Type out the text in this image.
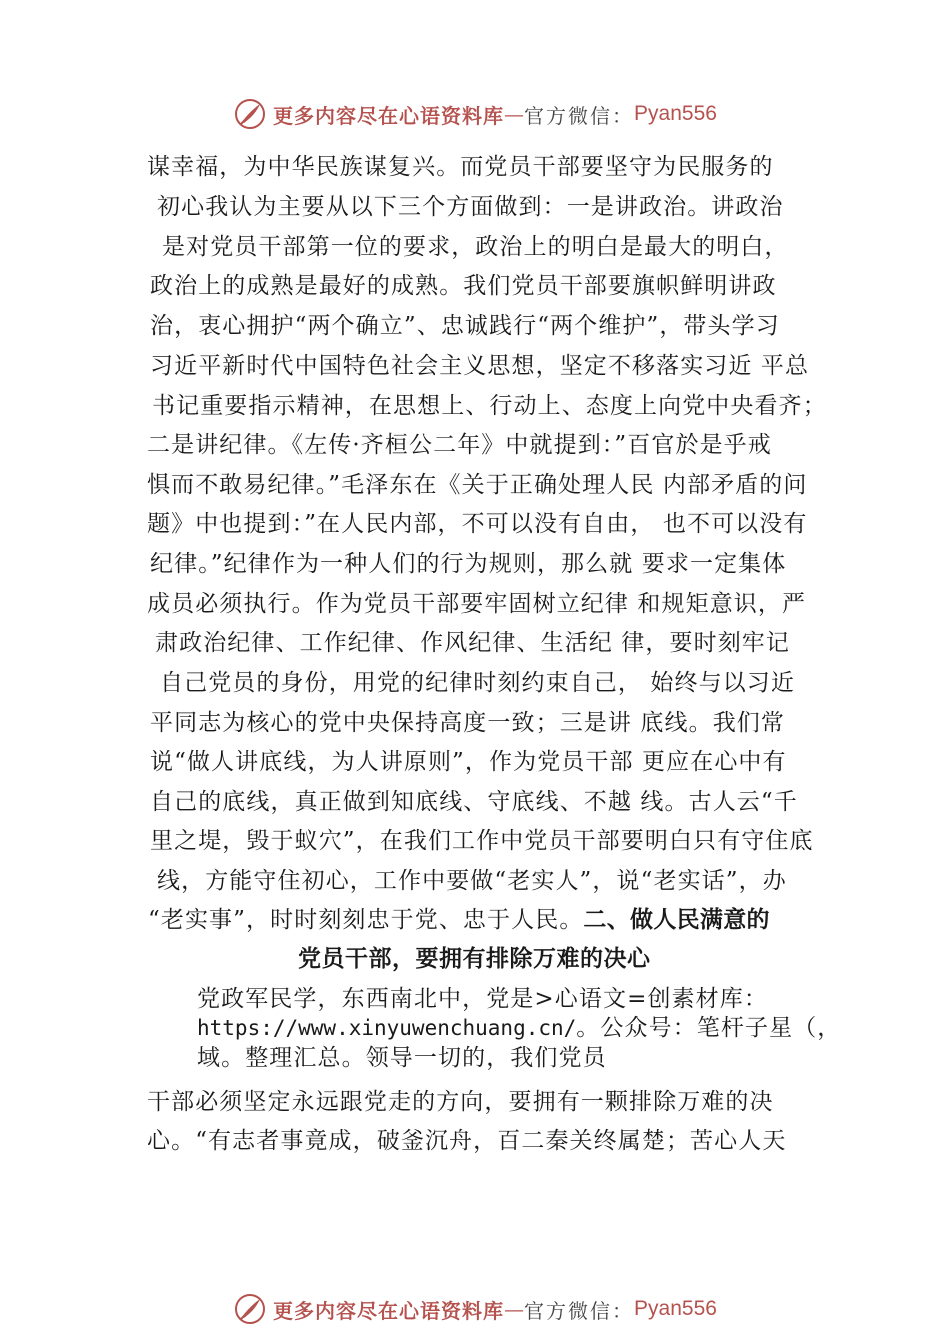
更多内容尽在心语资料库 — 官方微信： Pyan556
谋幸福，为中华民族谋复兴。而党员干部要坚守为民服务的
初心我认为主要从以下三个方面做到：一是讲政治。讲政治
是对党员干部第一位的要求，政治上的明白是最大的明白，
政治上的成熟是最好的成熟。我们党员干部要旗帜鲜明讲政
治，衷心拥护“两个确立”、忠诚践行“两个维护”，带头学习
习近平新时代中国特色社会主义思想，坚定不移落实习近 平总
书记重要指示精神，在思想上、行动上、态度上向党中央看齐；
二是讲纪律。《左传·齐桓公二年》中就提到：”百官於是乎戒
惧而不敢易纪律。”毛泽东在《关于正确处理人民 内部矛盾的问
题》中也提到：”在人民内部，不可以没有自由， 也不可以没有
纪律。”纪律作为一种人们的行为规则，那么就 要求一定集体
成员必须执行。作为党员干部要牢固树立纪律 和规矩意识，严
肃政治纪律、工作纪律、作风纪律、生活纪 律，要时刻牢记
自己党员的身份，用党的纪律时刻约束自己， 始终与以习近
平同志为核心的党中央保持高度一致；三是讲 底线。我们常
说“做人讲底线，为人讲原则”，作为党员干部 更应在心中有
自己的底线，真正做到知底线、守底线、不越 线。古人云“千
里之堤，毁于蚁穴”，在我们工作中党员干部要明白只有守住底
线，方能守住初心，工作中要做“老实人”，说“老实话”，办
“老实事”，时时刻刻忠于党、忠于人民。二、做人民满意的
党员干部，要拥有排除万难的决心
党政军民学，东西南北中，党是>心语文=创素材库：
https://www.xinyuwenchuang.cn/。公众号：笔杆子星（，
域。整理汇总。领导一切的，我们党员
干部必须坚定永远跟党走的方向，要拥有一颗排除万难的决
心。“有志者事竟成，破釜沉舟，百二秦关终属楚；苦心人天
更多内容尽在心语资料库 — 官方微信： Pyan556
